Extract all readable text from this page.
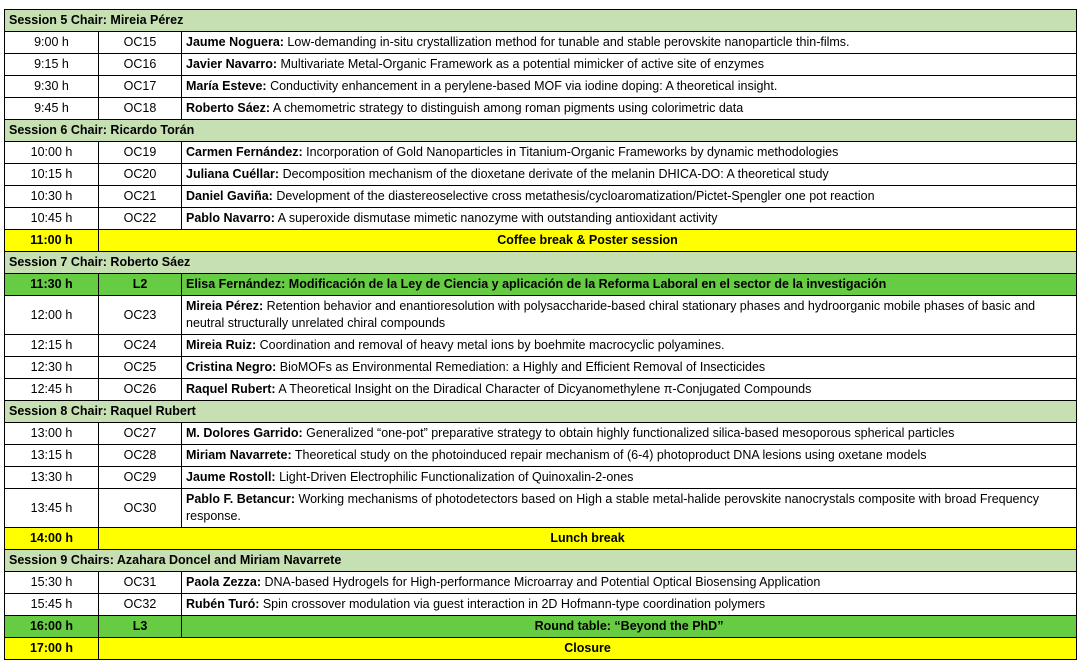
Session 5 Chair: Mireia Pérez		
9:00 h	OC15	Jaume Noguera: Low-demanding in-situ crystallization method for tunable and stable perovskite nanoparticle thin-films.
9:15 h	OC16	Javier Navarro: Multivariate Metal-Organic Framework as a potential mimicker of active site of enzymes
9:30 h	OC17	María Esteve: Conductivity enhancement in a perylene-based MOF via iodine doping: A theoretical insight.
9:45 h	OC18	Roberto Sáez: A chemometric strategy to distinguish among roman pigments using colorimetric data
Session 6 Chair: Ricardo Torán		
10:00 h	OC19	Carmen Fernández: Incorporation of Gold Nanoparticles in Titanium-Organic Frameworks by dynamic methodologies
10:15 h	OC20	Juliana Cuéllar: Decomposition mechanism of the dioxetane derivate of the melanin DHICA-DO: A theoretical study
10:30 h	OC21	Daniel Gaviña: Development of the diastereoselective cross metathesis/cycloaromatization/Pictet-Spengler one pot reaction
10:45 h	OC22	Pablo Navarro: A superoxide dismutase mimetic nanozyme with outstanding antioxidant activity
11:00 h	Coffee break & Poster session	
Session 7 Chair: Roberto Sáez		
11:30 h	L2	Elisa Fernández: Modificación de la Ley de Ciencia y aplicación de la Reforma Laboral en el sector de la investigación
12:00 h	OC23	Mireia Pérez: Retention behavior and enantioresolution with polysaccharide-based chiral stationary phases and hydroorganic mobile phases of basic and neutral structurally unrelated chiral compounds
12:15 h	OC24	Mireia Ruiz: Coordination and removal of heavy metal ions by boehmite macrocyclic polyamines.
12:30 h	OC25	Cristina Negro: BioMOFs as Environmental Remediation: a Highly and Efficient Removal of Insecticides
12:45 h	OC26	Raquel Rubert: A Theoretical Insight on the Diradical Character of Dicyanomethylene π-Conjugated Compounds
Session 8 Chair: Raquel Rubert		
13:00 h	OC27	M. Dolores Garrido: Generalized “one-pot” preparative strategy to obtain highly functionalized silica-based mesoporous spherical particles
13:15 h	OC28	Miriam Navarrete: Theoretical study on the photoinduced repair mechanism of (6-4) photoproduct DNA lesions using oxetane models
13:30 h	OC29	Jaume Rostoll: Light-Driven Electrophilic Functionalization of Quinoxalin-2-ones
13:45 h	OC30	Pablo F. Betancur: Working mechanisms of photodetectors based on High a stable metal-halide perovskite nanocrystals composite with broad Frequency response.
14:00 h	Lunch break	
Session 9 Chairs: Azahara Doncel and Miriam Navarrete		
15:30 h	OC31	Paola Zezza: DNA-based Hydrogels for High-performance Microarray and Potential Optical Biosensing Application
15:45 h	OC32	Rubén Turó: Spin crossover modulation via guest interaction in 2D Hofmann-type coordination polymers
16:00 h	L3	Round table: “Beyond the PhD”
17:00 h	Closure	
